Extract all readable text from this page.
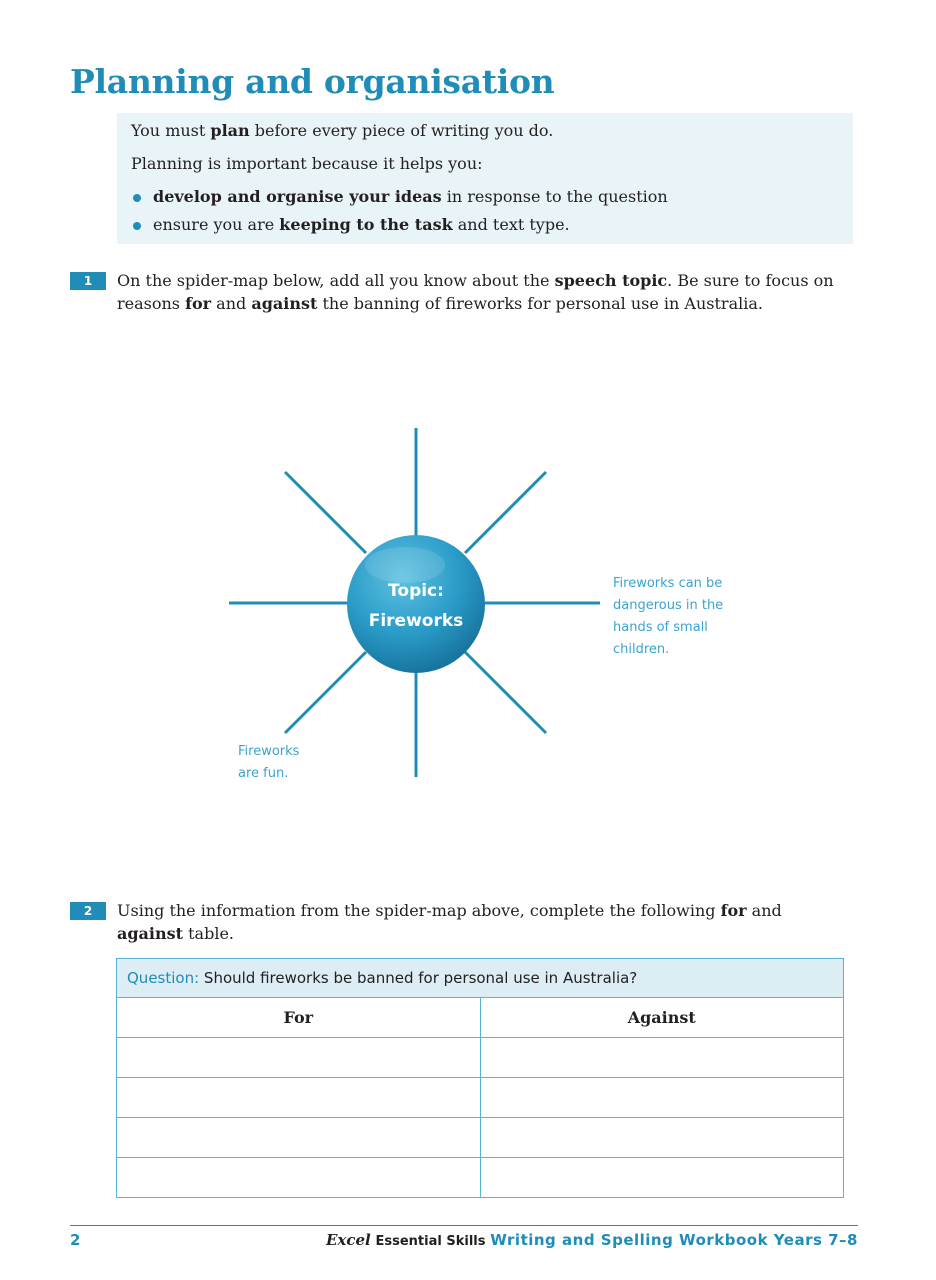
Planning and organisation

You must plan before every piece of writing you do.

Planning is important because it helps you:

develop and organise your ideas in response to the question
ensure you are keeping to the task and text type.
1	On the spider-map below, add all you know about the speech topic. Be sure to focus on reasons for and against the banning of fireworks for personal use in Australia.
Topic:
Fireworks
Fireworks can be
dangerous in the
hands of small
children.
Fireworks
are fun.
2	Using the information from the spider-map above, complete the following for and against table.
Question: Should fireworks be banned for personal use in Australia?	
For	Against

2	Excel Essential Skills Writing and Spelling Workbook Years 7–8
